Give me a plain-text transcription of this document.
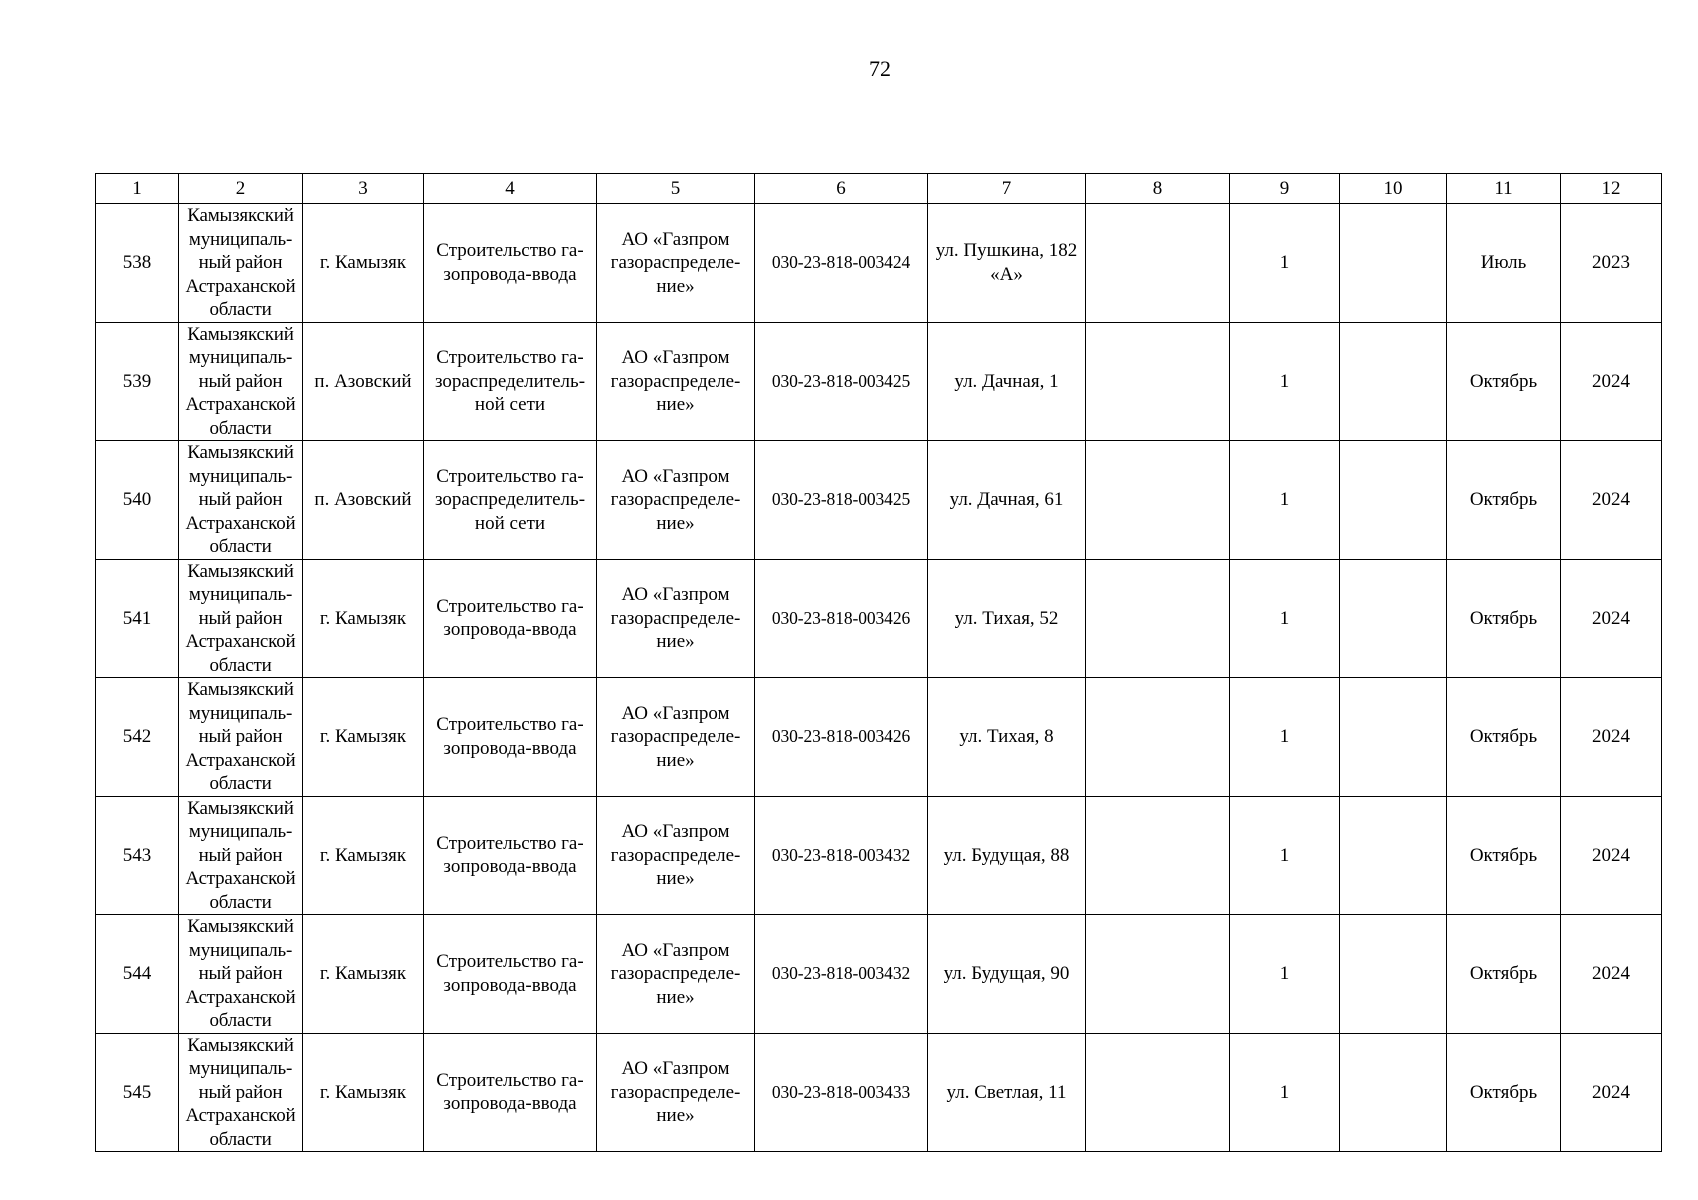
72
1	2	3	4	5	6	7	8	9	10	11	12
538	Камызякский муниципаль-ный район Астраханской области	г. Камызяк	Строительство га-зопровода-ввода	АО «Газпром газораспределе-ние»	030-23-818-003424	ул. Пушкина, 182 «А»		1		Июль	2023
539	Камызякский муниципаль-ный район Астраханской области	п. Азовский	Строительство га-зораспределитель-ной сети	АО «Газпром газораспределе-ние»	030-23-818-003425	ул. Дачная, 1		1		Октябрь	2024
540	Камызякский муниципаль-ный район Астраханской области	п. Азовский	Строительство га-зораспределитель-ной сети	АО «Газпром газораспределе-ние»	030-23-818-003425	ул. Дачная, 61		1		Октябрь	2024
541	Камызякский муниципаль-ный район Астраханской области	г. Камызяк	Строительство га-зопровода-ввода	АО «Газпром газораспределе-ние»	030-23-818-003426	ул. Тихая, 52		1		Октябрь	2024
542	Камызякский муниципаль-ный район Астраханской области	г. Камызяк	Строительство га-зопровода-ввода	АО «Газпром газораспределе-ние»	030-23-818-003426	ул. Тихая, 8		1		Октябрь	2024
543	Камызякский муниципаль-ный район Астраханской области	г. Камызяк	Строительство га-зопровода-ввода	АО «Газпром газораспределе-ние»	030-23-818-003432	ул. Будущая, 88		1		Октябрь	2024
544	Камызякский муниципаль-ный район Астраханской области	г. Камызяк	Строительство га-зопровода-ввода	АО «Газпром газораспределе-ние»	030-23-818-003432	ул. Будущая, 90		1		Октябрь	2024
545	Камызякский муниципаль-ный район Астраханской области	г. Камызяк	Строительство га-зопровода-ввода	АО «Газпром газораспределе-ние»	030-23-818-003433	ул. Светлая, 11		1		Октябрь	2024
